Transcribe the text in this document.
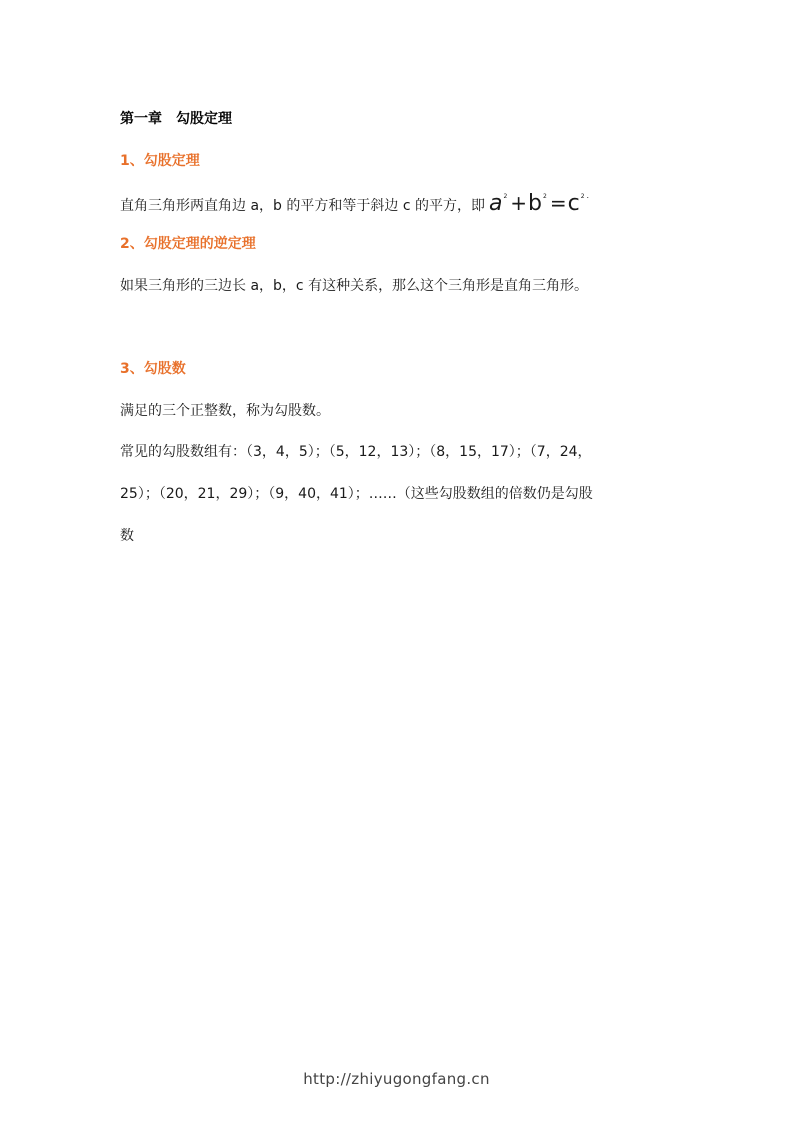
第一章　勾股定理
1、勾股定理
直角三角形两直角边 a，b 的平方和等于斜边 c 的平方，即 $a^2 +b^2 =c^2$ .
2、勾股定理的逆定理
如果三角形的三边长 a，b，c 有这种关系，那么这个三角形是直角三角形。
3、勾股数
满足的三个正整数，称为勾股数。
常见的勾股数组有：（3，4，5）；（5，12，13）；（8，15，17）；（7，24，
25）；（20，21，29）；（9，40，41）；……（这些勾股数组的倍数仍是勾股
数
http://zhiyugongfang.cn
